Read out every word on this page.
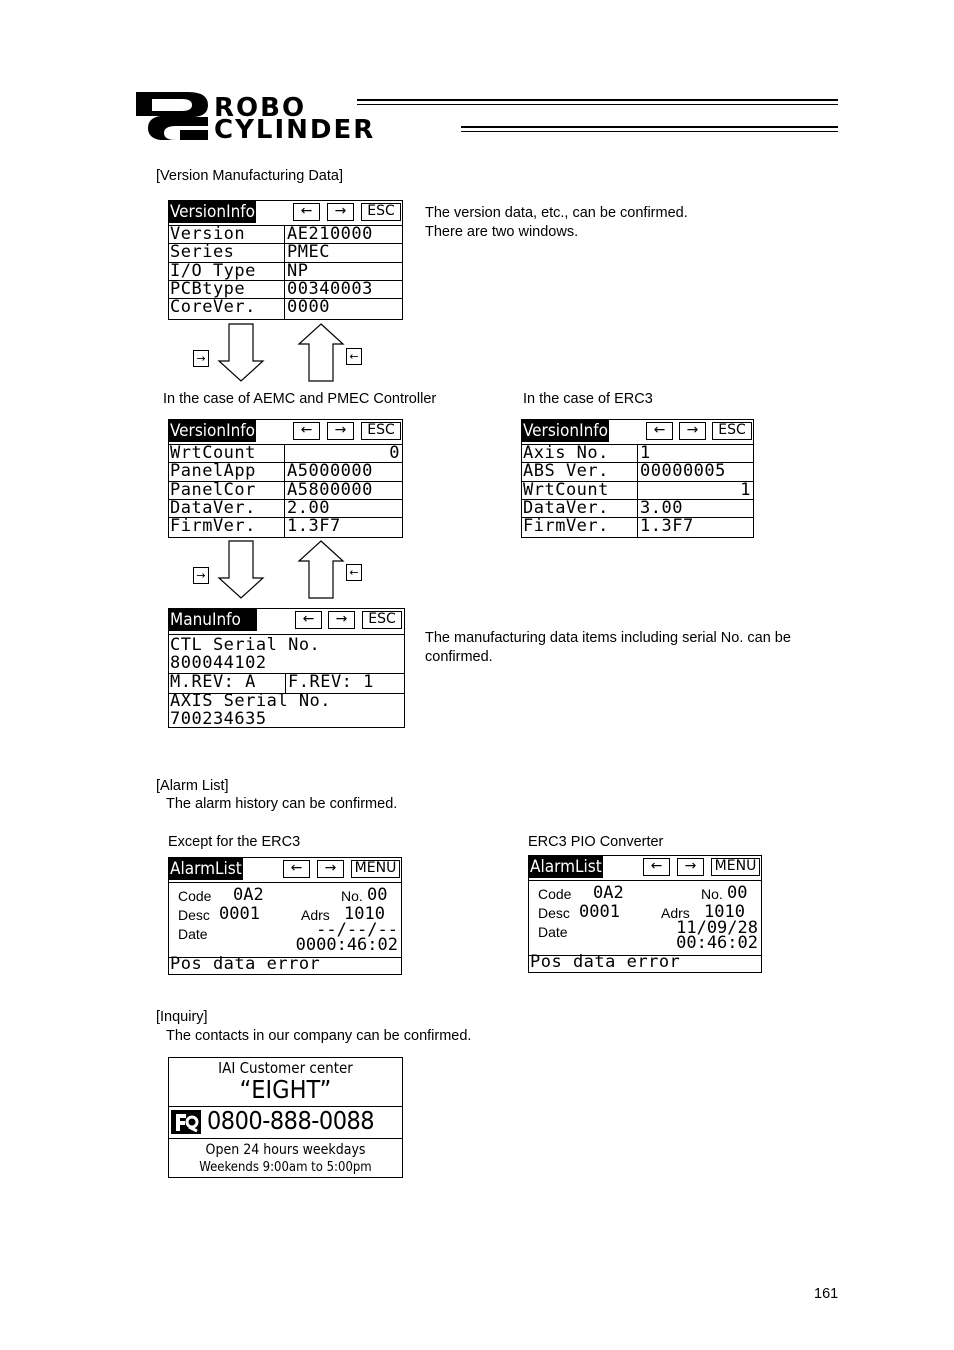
ROBO
CYLINDER
[Version Manufacturing Data]
The version data, etc., can be confirmed.
There are two windows.
VersionInfo	←	→	ESC
Version AE210000
Series	PMEC
I/O Type NP
PCBtype 00340003
CoreVer. 0000
→	←
In the case of AEMC and PMEC Controller	In the case of ERC3
VersionInfo	←	→	ESC
WrtCount	0
PanelApp A5000000
PanelCor A5800000
DataVer. 2.00
FirmVer. 1.3F7
VersionInfo	←	→	ESC
Axis No. 1
ABS Ver. 00000005
WrtCount	1
DataVer. 3.00
FirmVer. 1.3F7
→	←
ManuInfo	←	→	ESC
CTL Serial No.
800044102
M.REV: A F.REV: 1
AXIS Serial No.
700234635
The manufacturing data items including serial No. can be
confirmed.
[Alarm List]
The alarm history can be confirmed.
Except for the ERC3	ERC3 PIO Converter
AlarmList	←	→	MENU
Code 0A2	No. 00
Desc 0001	Adrs 1010
Date	--/--/--
0000:46:02
Pos data error
AlarmList	←	→	MENU
Code 0A2	No. 00
Desc 0001	Adrs 1010
Date	11/09/28
00:46:02
Pos data error
[Inquiry]
The contacts in our company can be confirmed.
IAI Customer center
“EIGHT”
0800-888-0088
Open 24 hours weekdays
Weekends 9:00am to 5:00pm
161
